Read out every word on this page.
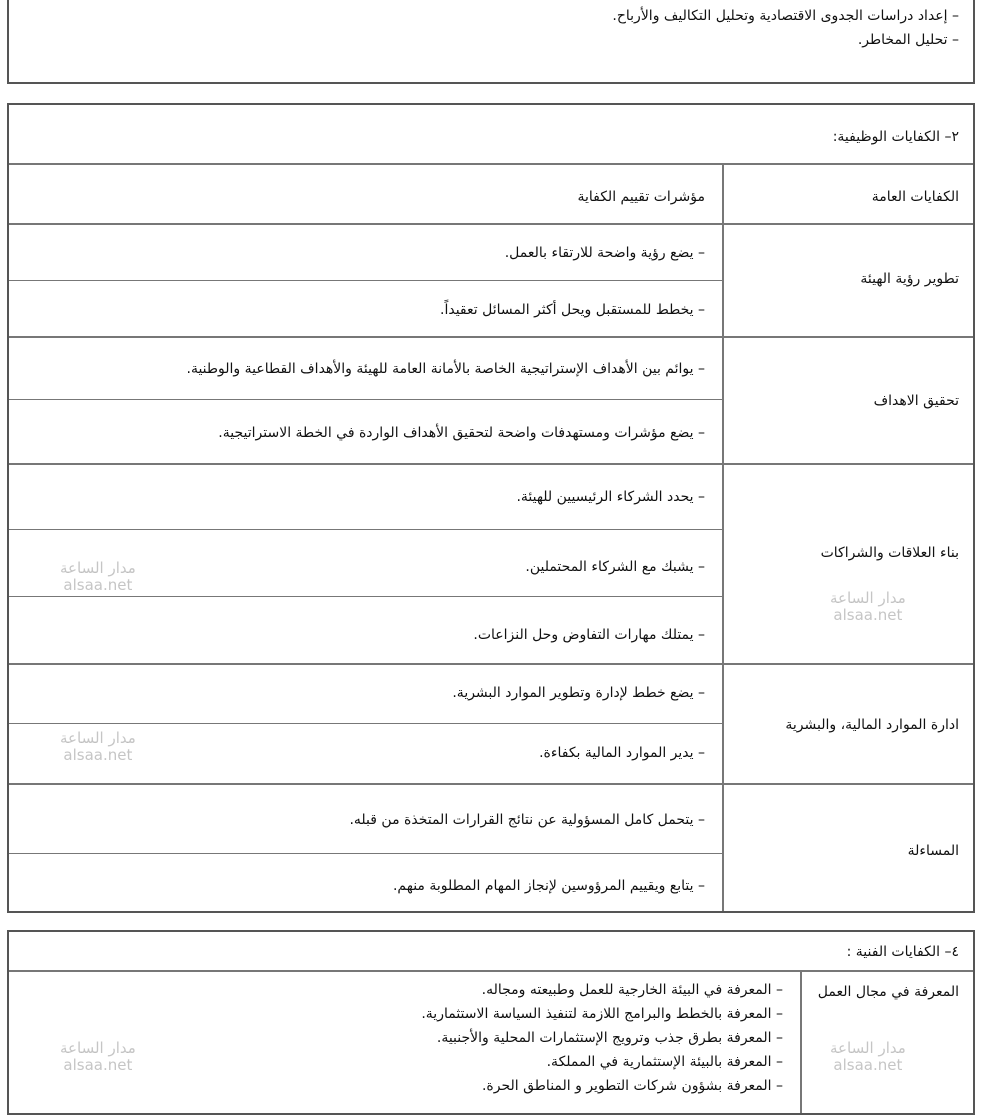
– إعداد دراسات الجدوى الاقتصادية وتحليل التكاليف والأرباح.
– تحليل المخاطر.
٢– الكفايات الوظيفية:
الكفايات العامة
مؤشرات تقييم الكفاية
تطوير رؤية الهيئة
– يضع رؤية واضحة للارتقاء بالعمل.
– يخطط للمستقبل ويحل أكثر المسائل تعقيداً.
تحقيق الاهداف
– يوائم بين الأهداف الإستراتيجية الخاصة بالأمانة العامة للهيئة والأهداف القطاعية والوطنية.
– يضع مؤشرات ومستهدفات واضحة لتحقيق الأهداف الواردة في الخطة الاستراتيجية.
بناء العلاقات والشراكات
– يحدد الشركاء الرئيسيين للهيئة.
– يشبك مع الشركاء المحتملين.
– يمتلك مهارات التفاوض وحل النزاعات.
ادارة الموارد المالية، والبشرية
– يضع خطط لإدارة وتطوير الموارد البشرية.
– يدير الموارد المالية بكفاءة.
المساءلة
– يتحمل كامل المسؤولية عن نتائج القرارات المتخذة من قبله.
– يتابع ويقييم المرؤوسين لإنجاز المهام المطلوبة منهم.
٤– الكفايات الفنية :
المعرفة في مجال العمل
– المعرفة في البيئة الخارجية للعمل وطبيعته ومجاله.
– المعرفة بالخطط والبرامج اللازمة لتنفيذ السياسة الاستثمارية.
– المعرفة بطرق جذب وترويج الإستثمارات المحلية والأجنبية.
– المعرفة بالبيئة الإستثمارية في المملكة.
– المعرفة بشؤون شركات التطوير و المناطق الحرة.
مدار الساعة
alsaa.net
مدار الساعة
alsaa.net
مدار الساعة
alsaa.net
مدار الساعة
alsaa.net
مدار الساعة
alsaa.net
